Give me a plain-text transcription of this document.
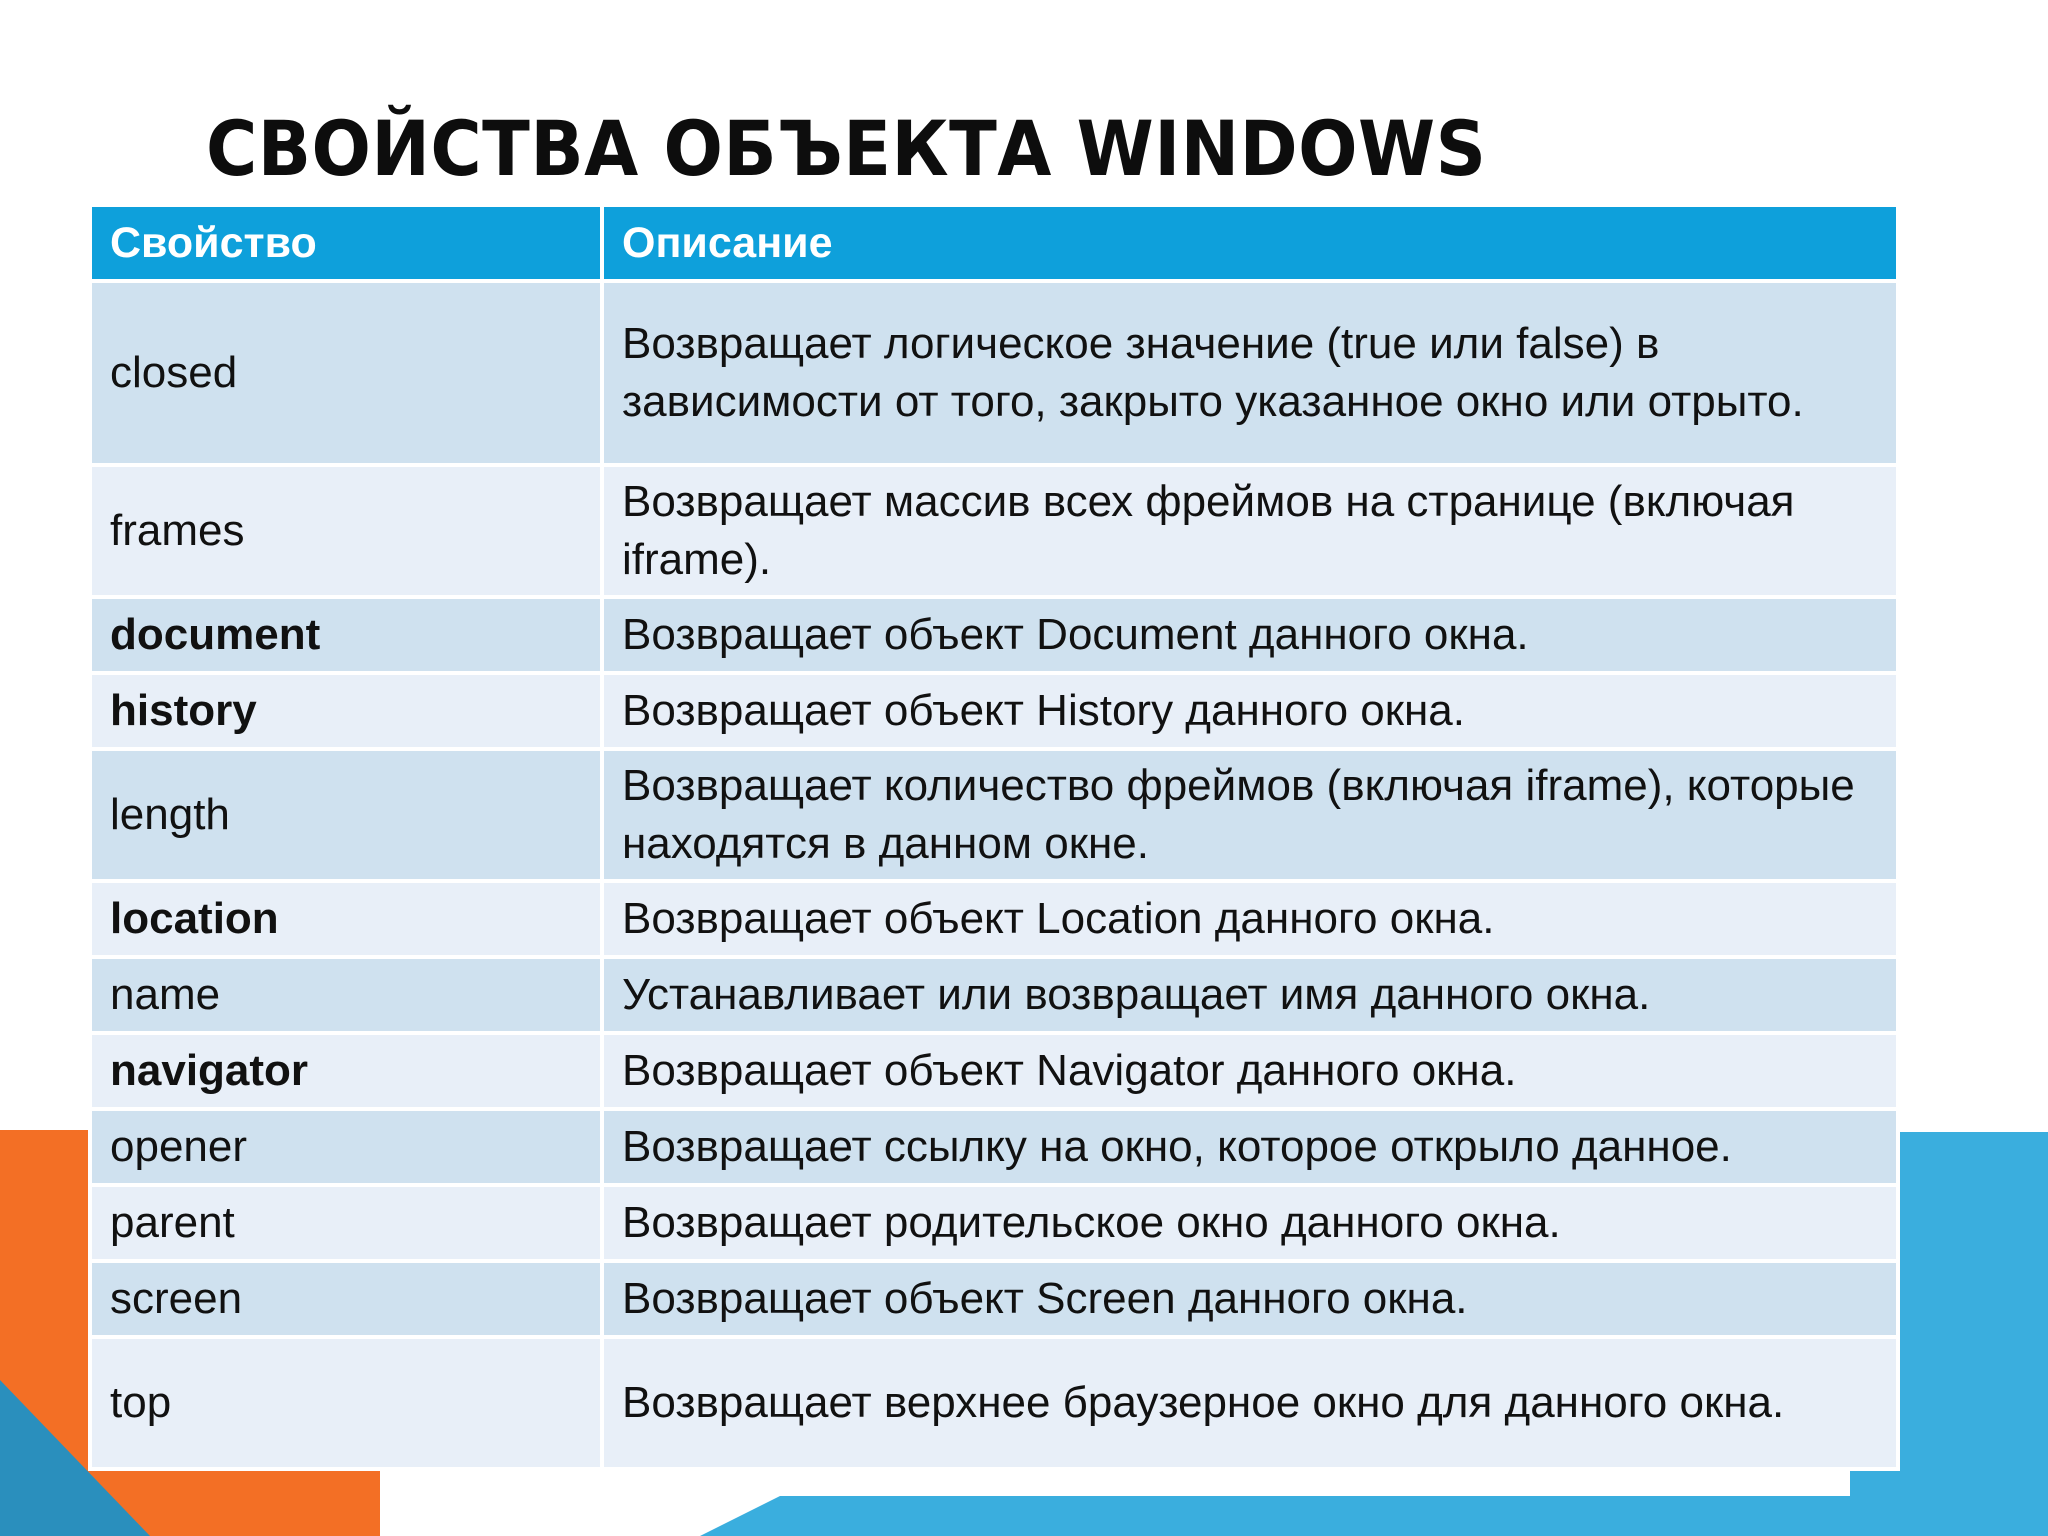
СВОЙСТВА ОБЪЕКТА WINDOWS
Свойство	Описание
closed	Возвращает логическое значение (true или false) в зависимости от того, закрыто указанное окно или отрыто.
frames	Возвращает массив всех фреймов на странице (включая iframe).
document	Возвращает объект Document данного окна.
history	Возвращает объект History данного окна.
length	Возвращает количество фреймов (включая iframe), которые находятся в данном окне.
location	Возвращает объект Location данного окна.
name	Устанавливает или возвращает имя данного окна.
navigator	Возвращает объект Navigator данного окна.
opener	Возвращает ссылку на окно, которое открыло данное.
parent	Возвращает родительское окно данного окна.
screen	Возвращает объект Screen данного окна.
top	Возвращает верхнее браузерное окно для данного окна.
